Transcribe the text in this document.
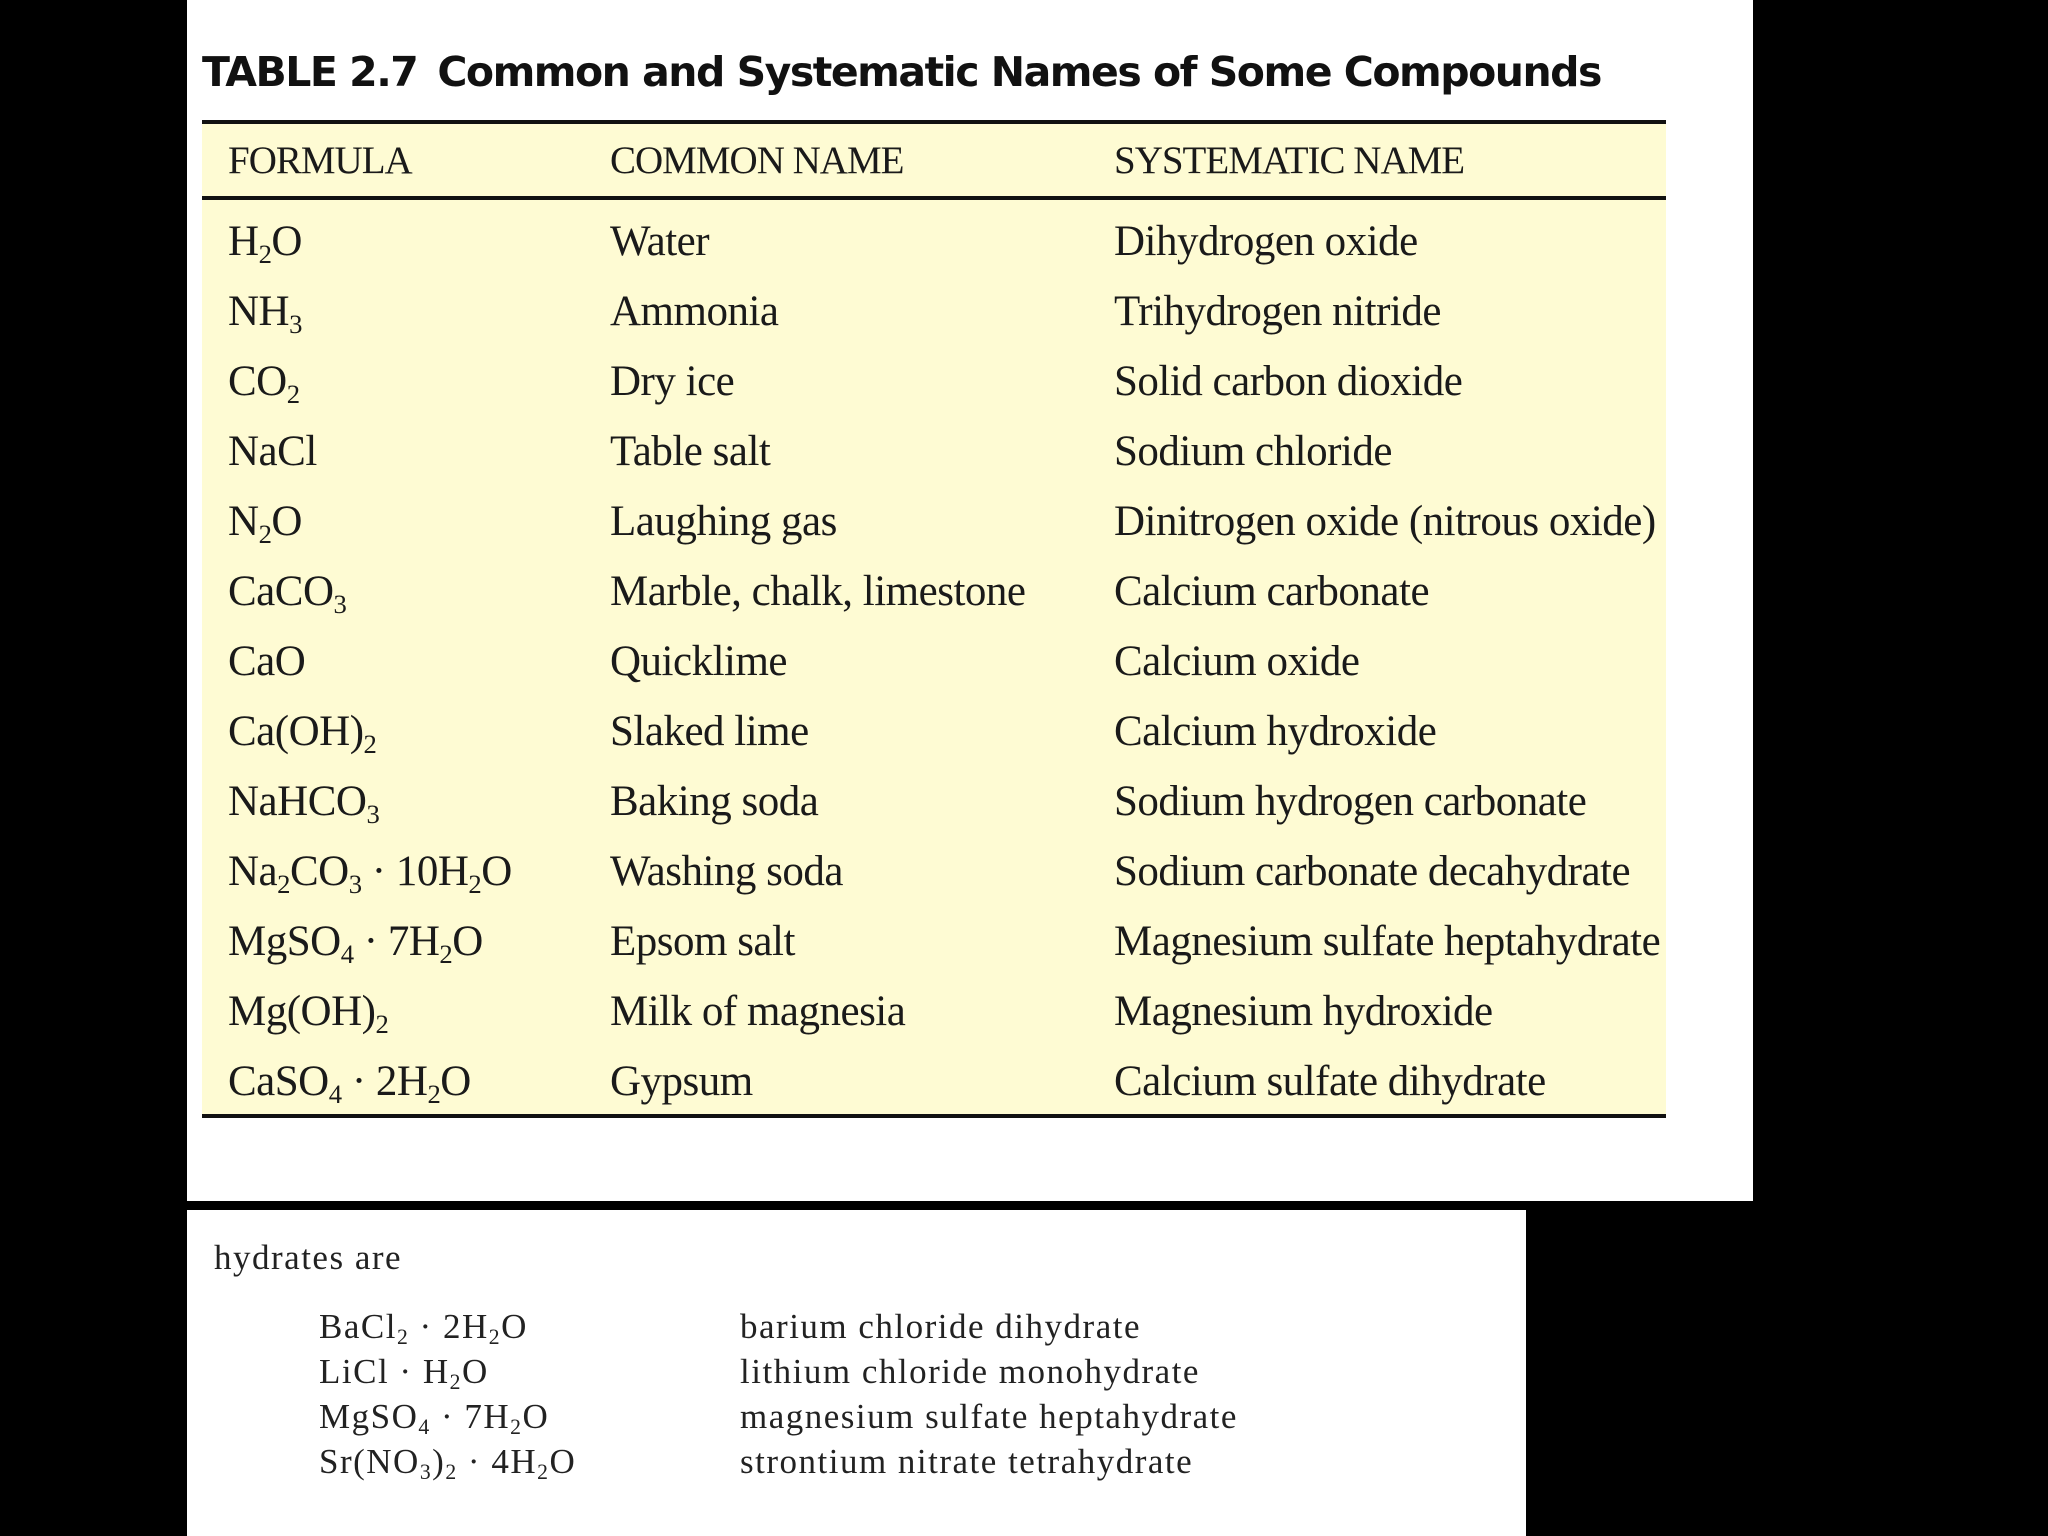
TABLE 2.7 Common and Systematic Names of Some Compounds
FORMULA	COMMON NAME	SYSTEMATIC NAME
$H_2O$	Water	Dihydrogen oxide
$NH_3$	Ammonia	Trihydrogen nitride
$CO_2$	Dry ice	Solid carbon dioxide
NaCl	Table salt	Sodium chloride
$N_2O$	Laughing gas	Dinitrogen oxide (nitrous oxide)
CaCO$_3$	Marble, chalk, limestone	Calcium carbonate
CaO	Quicklime	Calcium oxide
$Ca(OH)_2$	Slaked lime	Calcium hydroxide
NaHCO$_3$	Baking soda	Sodium hydrogen carbonate
$Na_2CO_3 \cdot 10H_2O$	Washing soda	Sodium carbonate decahydrate
MgSO$_4$ · $7H_2O$	Epsom salt	Magnesium sulfate heptahydrate
$Mg(OH)_2$	Milk of magnesia	Magnesium hydroxide
CaSO$_4$ · $2H_2O$	Gypsum	Calcium sulfate dihydrate

hydrates are

BaCl$_2$ · $2H_2O$	barium chloride dihydrate
LiCl · $H_2O$	lithium chloride monohydrate
MgSO$_4$ · $7H_2O$	magnesium sulfate heptahydrate
$Sr(NO_3)_2 \cdot 4H_2O$	strontium nitrate tetrahydrate
